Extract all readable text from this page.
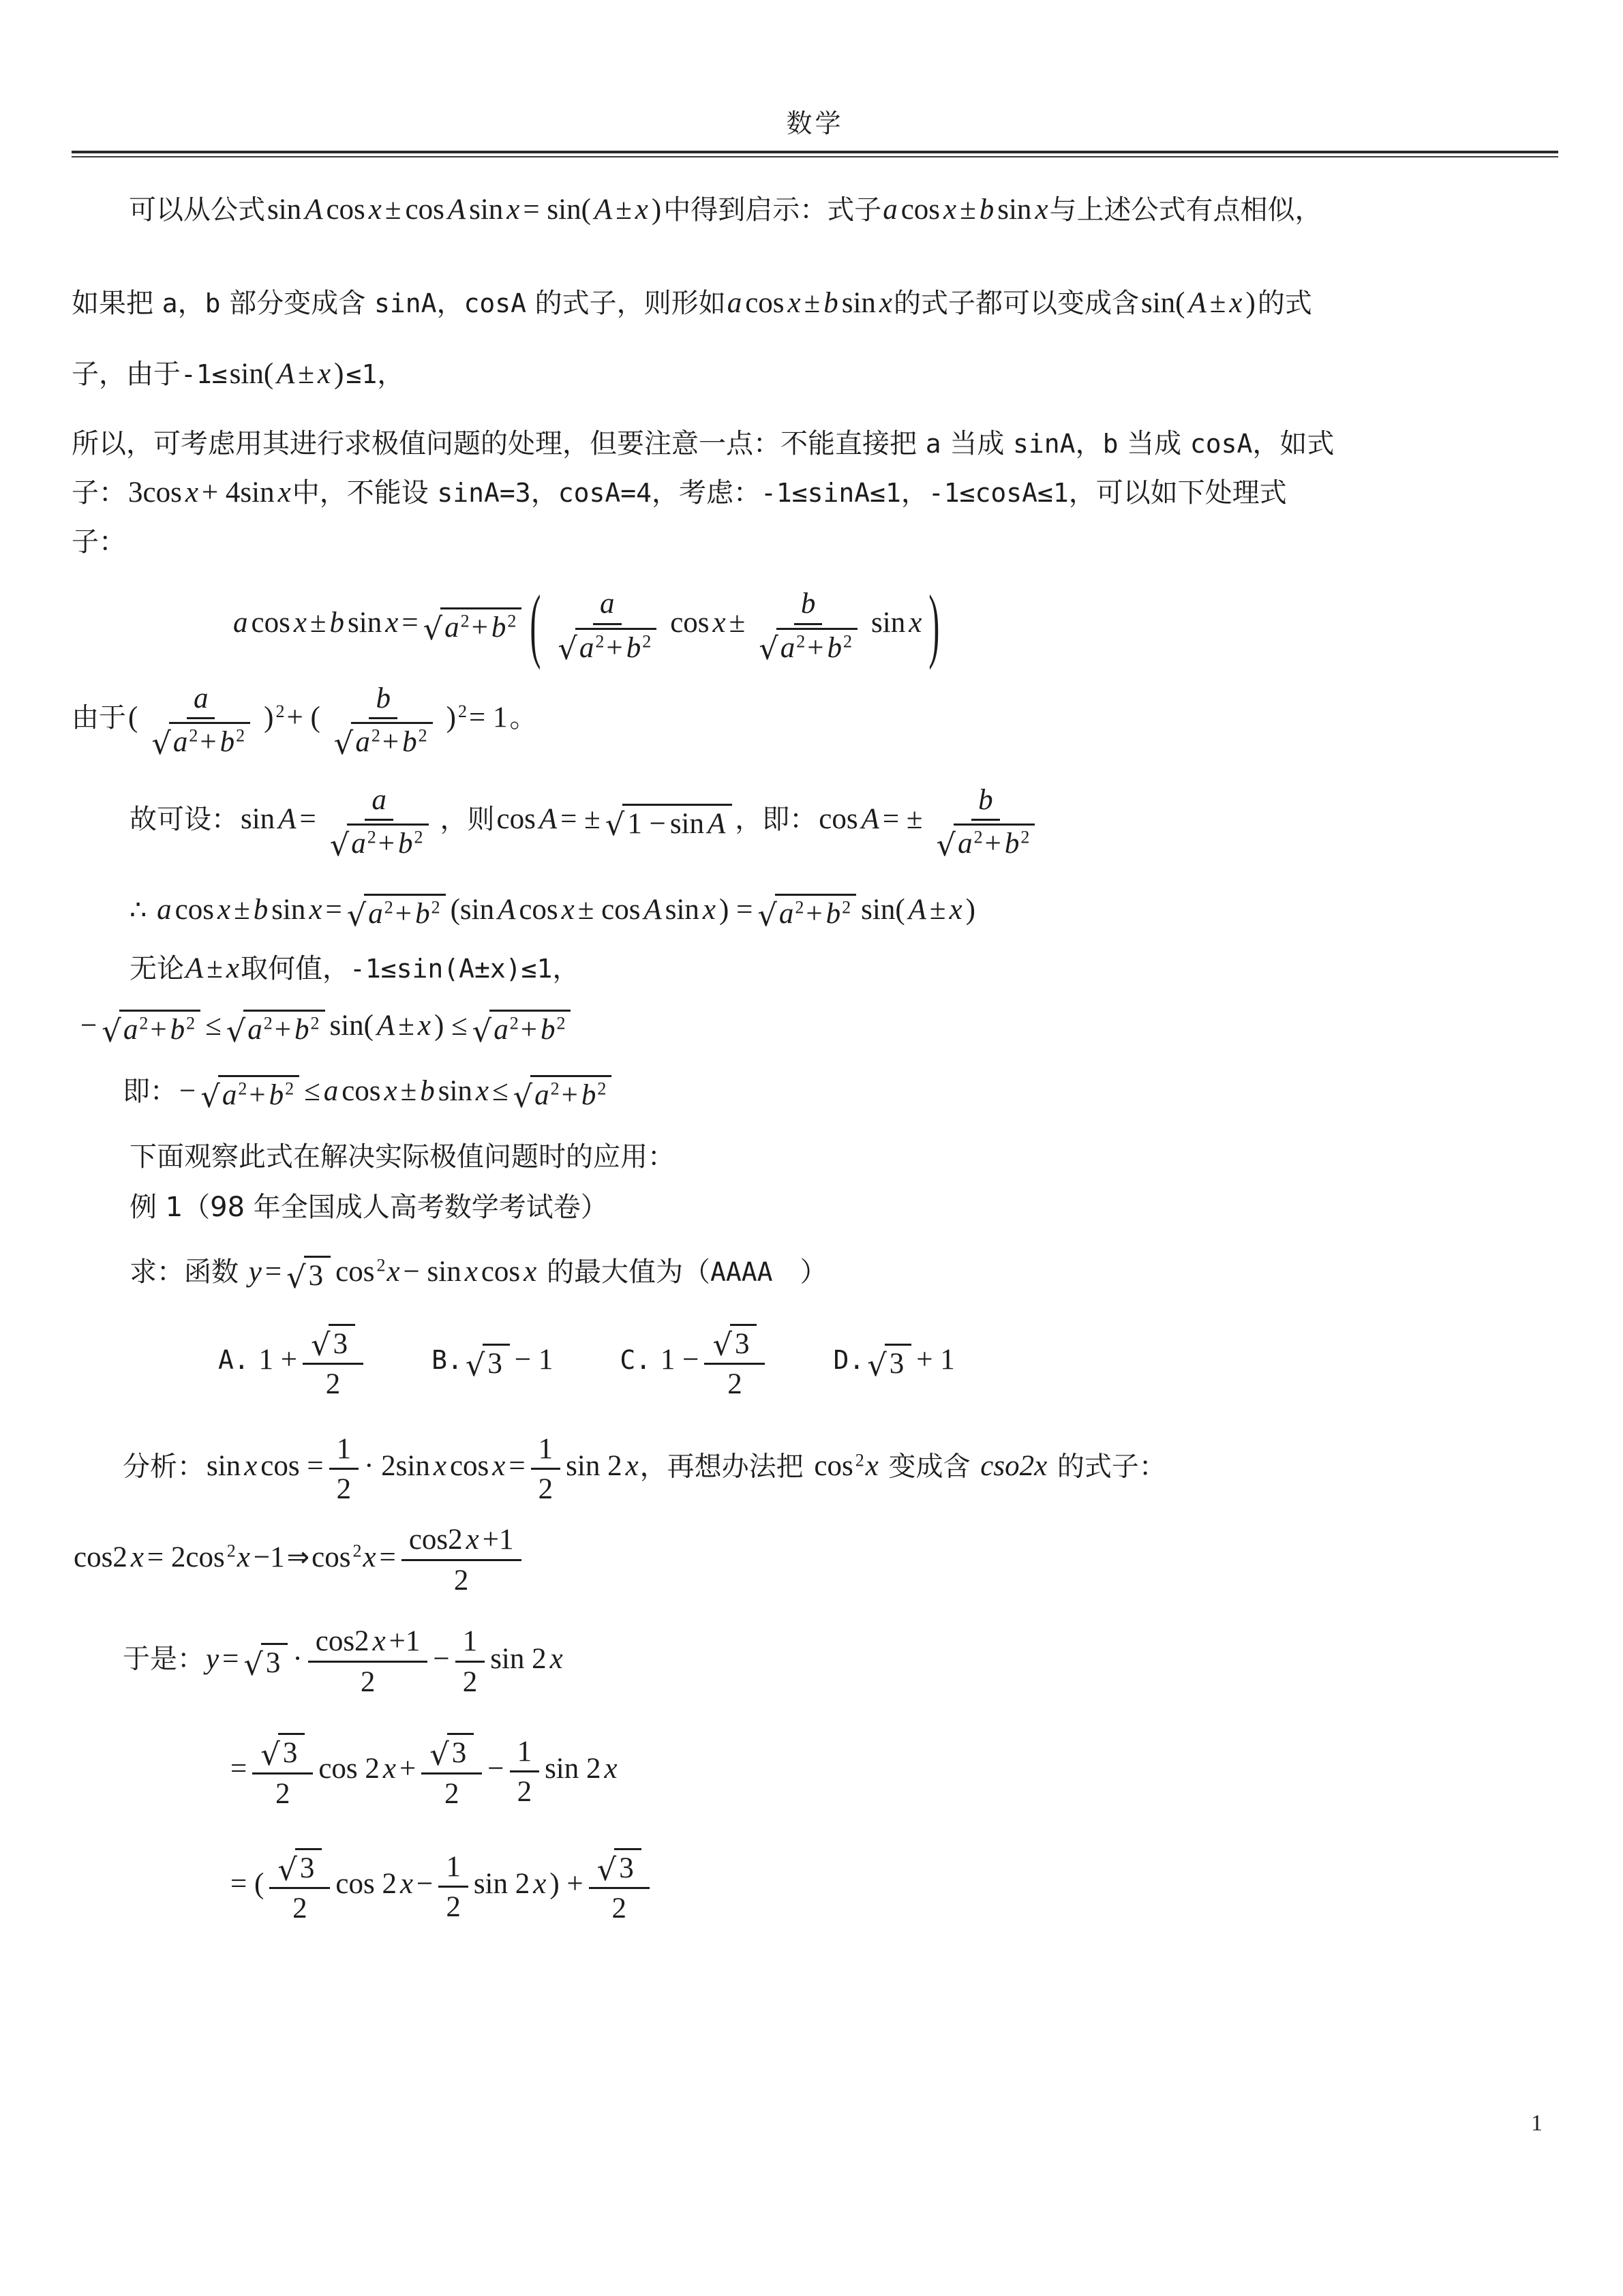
数学
可以从公式sin A cos x ± cos A sin x = sin( A ± x )中得到启示：式子a cos x ± b sin x与上述公式有点相似，
如果把 a，b 部分变成含 sinA，cosA 的式子，则形如a cos x ± b sin x的式子都可以变成含sin( A ± x )的式
子，由于-1≤sin( A ± x )≤1，
所以，可考虑用其进行求极值问题的处理，但要注意一点：不能直接把 a 当成 sinA，b 当成 cosA，如式
子：3cos x + 4sin x中，不能设 sinA=3，cosA=4，考虑：-1≤sinA≤1，-1≤cosA≤1，可以如下处理式
子：
a cos x ± b sin x = √ $a^2+ b^2$ ( $\frac{a}{√ a^2+ b^2}$ $\cos x \pm \frac{b}{√ a^2+ b^2}$ sin x )
由于( $\frac{a}{√ a^2+ b^2}$ ) $^2$+ ( $\frac{b}{√ a^2+ b^2}$ ) $^2$= 1。
故可设：$\sin A = \frac{a}{√ a^2+ b^2}$ ，则cos A = ± √ 1 − sin A ，即：cos A = ± $\frac{b}{√ a^2+ b^2}$
∴ a cos x ± b sin x = √ $a^2+ b^2$ (sin A cos x ± cos A sin x ) = √ $a^2+ b^2$ sin( A ± x )
无论A ± x取何值，-1≤sin(A±x)≤1，
− √ $a^2+ b^2$ ≤ √ $a^2+ b^2$ sin( A ± x ) ≤ √ $a^2+ b^2$
即：− √ $a^2+ b^2 \le a$ cos x ± b sin x ≤ √ $a^2+ b^2$
下面观察此式在解决实际极值问题时的应用：
例 1（98 年全国成人高考数学考试卷）
求：函数 y = √ 3 cos $^2$x − sin x cos x 的最大值为（AAAA　）
A. $1 + \frac{√ 3}{2}$	B. √ 3 − 1	C. $1 - \frac{√ 3}{2}$	D. √ 3 + 1
分析：sin x $\cos = \frac{1}{2} \cdot 2\sin$ x $\cos x = \frac{1}{2}$ sin 2 x，再想办法把 cos $^2$x 变成含 cso2x 的式子：
cos2 x = 2cos $^2$x −1⇒cos $^2x = \frac{\cos 2 x +1}{2}$
于是：y = √ $3 \cdot \frac{\cos 2 x +1}{2} - \frac{1}{2}$ sin 2 x
= $\frac{√ 3}{2}$ cos 2 $x + \frac{√ 3}{2} - \frac{1}{2}$ sin 2 x
= ( $\frac{√ 3}{2}$ cos 2 $x - \frac{1}{2}$ sin 2 x ) + $\frac{√ 3}{2}$
1
